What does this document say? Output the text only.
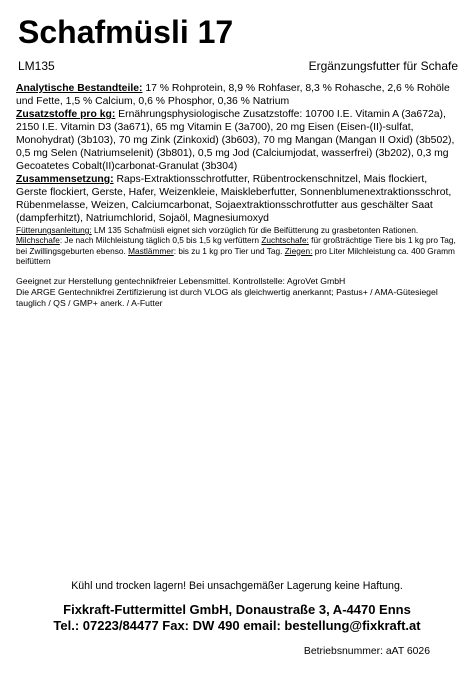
Schafmüsli 17
LM135	Ergänzungsfutter für Schafe

Analytische Bestandteile: 17 % Rohprotein, 8,9 % Rohfaser, 8,3 % Rohasche, 2,6 % Rohöle und Fette, 1,5 % Calcium, 0,6 % Phosphor, 0,36 % Natrium

Zusatzstoffe pro kg: Ernährungsphysiologische Zusatzstoffe: 10700 I.E. Vitamin A (3a672a), 2150 I.E. Vitamin D3 (3a671), 65 mg Vitamin E (3a700), 20 mg Eisen (Eisen-(II)-sulfat, Monohydrat) (3b103), 70 mg Zink (Zinkoxid) (3b603), 70 mg Mangan (Mangan II Oxid) (3b502), 0,5 mg Selen (Natriumselenit) (3b801), 0,5 mg Jod (Calciumjodat, wasserfrei) (3b202), 0,3 mg Gecoatetes Cobalt(II)carbonat-Granulat (3b304)

Zusammensetzung: Raps-Extraktionsschrotfutter, Rübentrockenschnitzel, Mais flockiert, Gerste flockiert, Gerste, Hafer, Weizenkleie, Maiskleberfutter, Sonnenblumenextraktionsschrot, Rübenmelasse, Weizen, Calciumcarbonat, Sojaextraktionsschrotfutter aus geschälter Saat (dampferhitzt), Natriumchlorid, Sojaöl, Magnesiumoxyd

Fütterungsanleitung: LM 135 Schafmüsli eignet sich vorzüglich für die Beifütterung zu grasbetonten Rationen. Milchschafe: Je nach Milchleistung täglich 0,5 bis 1,5 kg verfüttern Zuchtschafe: für großträchtige Tiere bis 1 kg pro Tag, bei Zwillingsgeburten ebenso. Mastlämmer: bis zu 1 kg pro Tier und Tag. Ziegen: pro Liter Milchleistung ca. 400 Gramm beifüttern

Geeignet zur Herstellung gentechnikfreier Lebensmittel. Kontrollstelle: AgroVet GmbH
Die ARGE Gentechnikfrei Zertifizierung ist durch VLOG als gleichwertig anerkannt; Pastus+ / AMA-Gütesiegel tauglich / QS / GMP+ anerk. / A-Futter

Kühl und trocken lagern! Bei unsachgemäßer Lagerung keine Haftung.
Fixkraft-Futtermittel GmbH, Donaustraße 3, A-4470 Enns
Tel.: 07223/84477 Fax: DW 490 email: bestellung@fixkraft.at
Betriebsnummer: aAT 6026
